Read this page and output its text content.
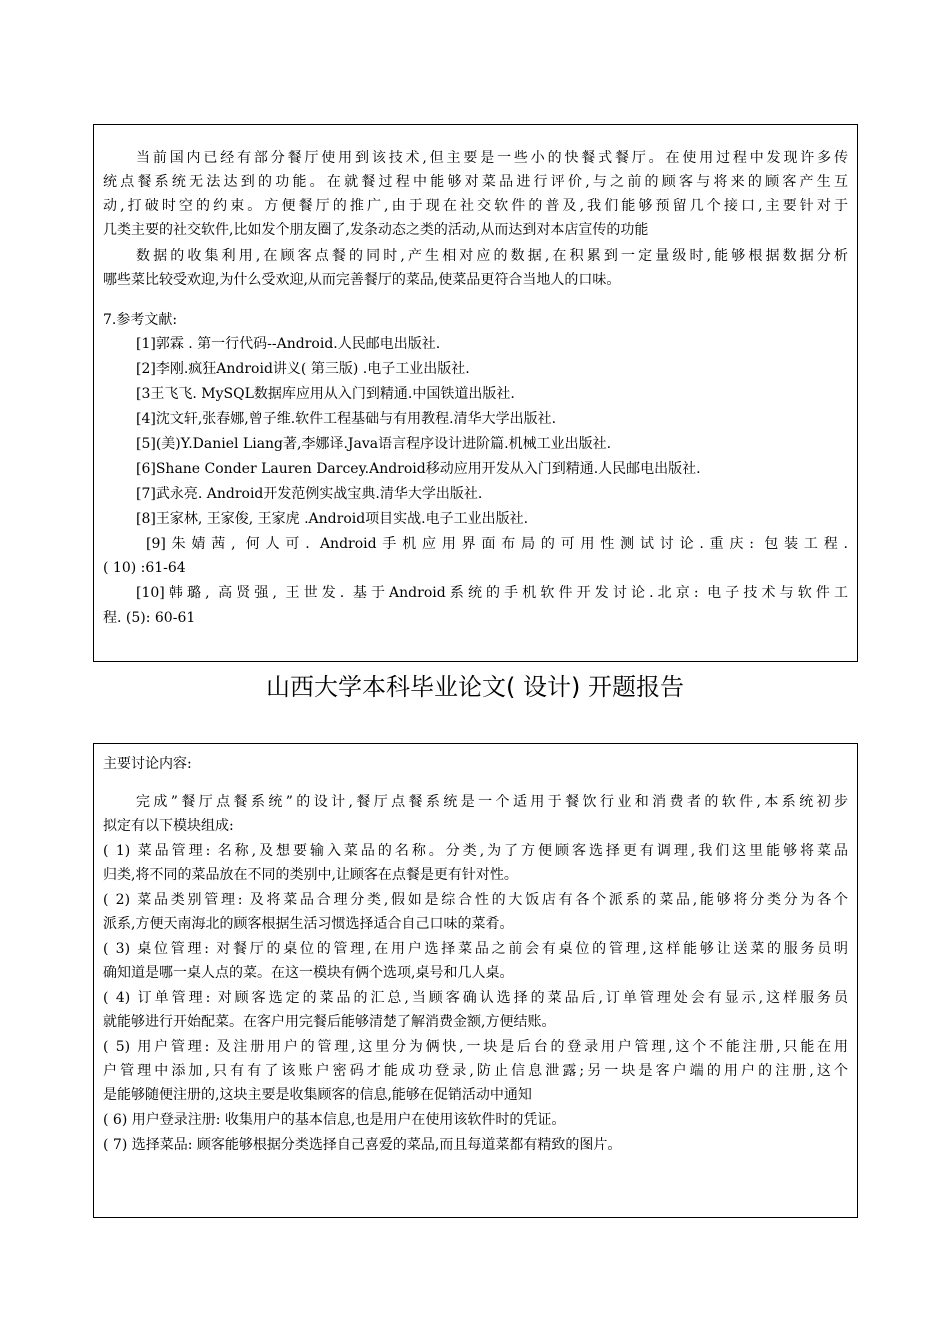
当前国内已经有部分餐厅使用到该技术,但主要是一些小的快餐式餐厅。在使用过程中发现许多传
统点餐系统无法达到的功能。在就餐过程中能够对菜品进行评价,与之前的顾客与将来的顾客产生互
动,打破时空的约束。方便餐厅的推广,由于现在社交软件的普及,我们能够预留几个接口,主要针对于
几类主要的社交软件,比如发个朋友圈了,发条动态之类的活动,从而达到对本店宣传的功能
数据的收集利用,在顾客点餐的同时,产生相对应的数据,在积累到一定量级时,能够根据数据分析
哪些菜比较受欢迎,为什么受欢迎,从而完善餐厅的菜品,使菜品更符合当地人的口味。
7.参考文献:
[1]郭霖 . 第一行代码--Android.人民邮电出版社.
[2]李刚.疯狂Android讲义( 第三版) .电子工业出版社.
[3王飞飞. MySQL数据库应用从入门到精通.中国铁道出版社.
[4]沈文轩,张春娜,曾子维.软件工程基础与有用教程.清华大学出版社.
[5](美)Y.Daniel Liang著,李娜译.Java语言程序设计进阶篇.机械工业出版社.
[6]Shane Conder Lauren Darcey.Android移动应用开发从入门到精通.人民邮电出版社.
[7]武永亮. Android开发范例实战宝典.清华大学出版社.
[8]王家林, 王家俊, 王家虎 .Android项目实战.电子工业出版社.
[9]朱婧茜, 何人可. Android手机应用界面布局的可用性测试讨论.重庆: 包装工程.
( 10) :61-64
[10]韩璐, 高贤强, 王世发. 基于Android系统的手机软件开发讨论.北京: 电子技术与软件工
程. (5): 60-61
山西大学本科毕业论文( 设计) 开题报告
主要讨论内容:
完成”餐厅点餐系统”的设计,餐厅点餐系统是一个适用于餐饮行业和消费者的软件,本系统初步
拟定有以下模块组成:
( 1) 菜品管理: 名称,及想要输入菜品的名称。分类,为了方便顾客选择更有调理,我们这里能够将菜品
归类,将不同的菜品放在不同的类别中,让顾客在点餐是更有针对性。
( 2) 菜品类别管理: 及将菜品合理分类,假如是综合性的大饭店有各个派系的菜品,能够将分类分为各个
派系,方便天南海北的顾客根据生活习惯选择适合自己口味的菜肴。
( 3) 桌位管理: 对餐厅的桌位的管理,在用户选择菜品之前会有桌位的管理,这样能够让送菜的服务员明
确知道是哪一桌人点的菜。在这一模块有俩个选项,桌号和几人桌。
( 4) 订单管理: 对顾客选定的菜品的汇总,当顾客确认选择的菜品后,订单管理处会有显示,这样服务员
就能够进行开始配菜。在客户用完餐后能够清楚了解消费金额,方便结账。
( 5) 用户管理: 及注册用户的管理,这里分为俩快,一块是后台的登录用户管理,这个不能注册,只能在用
户管理中添加,只有有了该账户密码才能成功登录,防止信息泄露;另一块是客户端的用户的注册,这个
是能够随便注册的,这块主要是收集顾客的信息,能够在促销活动中通知
( 6) 用户登录注册: 收集用户的基本信息,也是用户在使用该软件时的凭证。
( 7) 选择菜品: 顾客能够根据分类选择自己喜爱的菜品,而且每道菜都有精致的图片。
